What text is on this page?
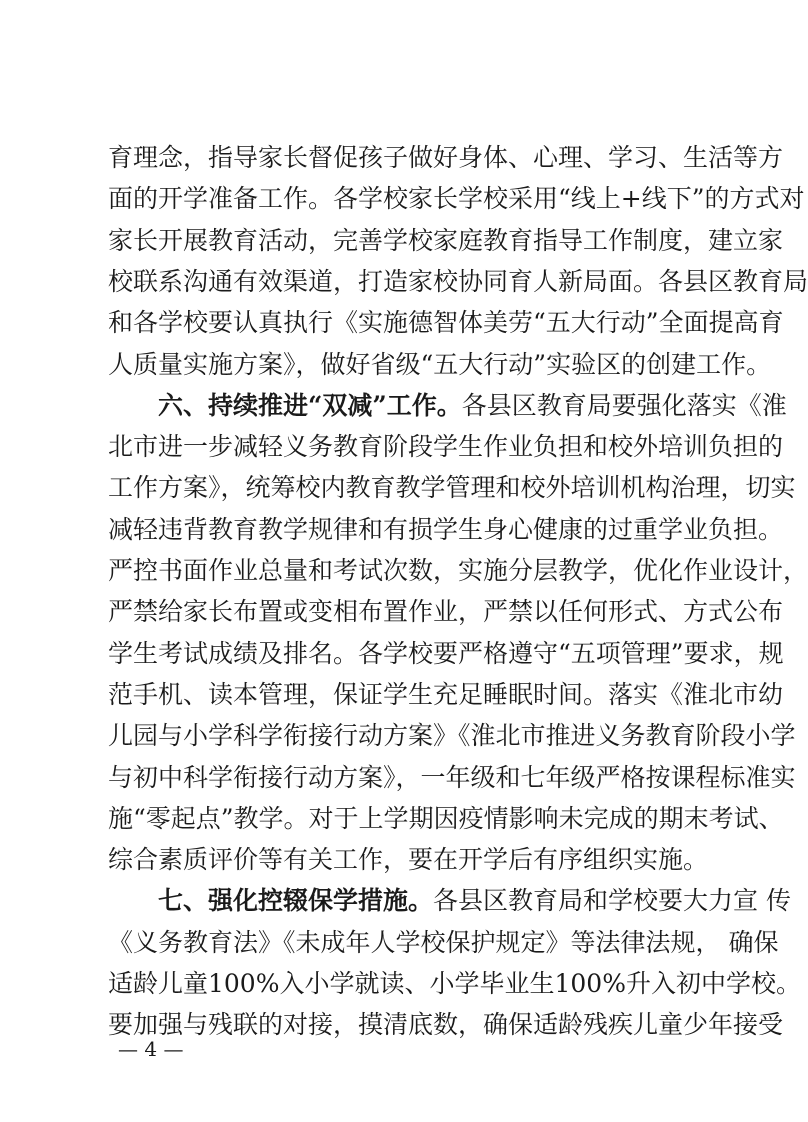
育理念，指导家长督促孩子做好身体、心理、学习、生活等方
面的开学准备工作。各学校家长学校采用“线上+线下”的方式对
家长开展教育活动，完善学校家庭教育指导工作制度，建立家
校联系沟通有效渠道，打造家校协同育人新局面。各县区教育局
和各学校要认真执行《实施德智体美劳“五大行动”全面提高育
人质量实施方案》，做好省级“五大行动”实验区的创建工作。
六、持续推进“双减”工作。各县区教育局要强化落实《淮
北市进一步减轻义务教育阶段学生作业负担和校外培训负担的
工作方案》，统筹校内教育教学管理和校外培训机构治理，切实
减轻违背教育教学规律和有损学生身心健康的过重学业负担。
严控书面作业总量和考试次数，实施分层教学，优化作业设计，
严禁给家长布置或变相布置作业，严禁以任何形式、方式公布
学生考试成绩及排名。各学校要严格遵守“五项管理”要求，规
范手机、读本管理，保证学生充足睡眠时间。落实《淮北市幼
儿园与小学科学衔接行动方案》《淮北市推进义务教育阶段小学
与初中科学衔接行动方案》，一年级和七年级严格按课程标准实
施“零起点”教学。对于上学期因疫情影响未完成的期末考试、
综合素质评价等有关工作，要在开学后有序组织实施。
七、强化控辍保学措施。各县区教育局和学校要大力宣 传
— 4 —
《义务教育法》《未成年人学校保护规定》等法律法规， 确保
适龄儿童100%入小学就读、小学毕业生100%升入初中学校。
要加强与残联的对接，摸清底数，确保适龄残疾儿童少年接受
